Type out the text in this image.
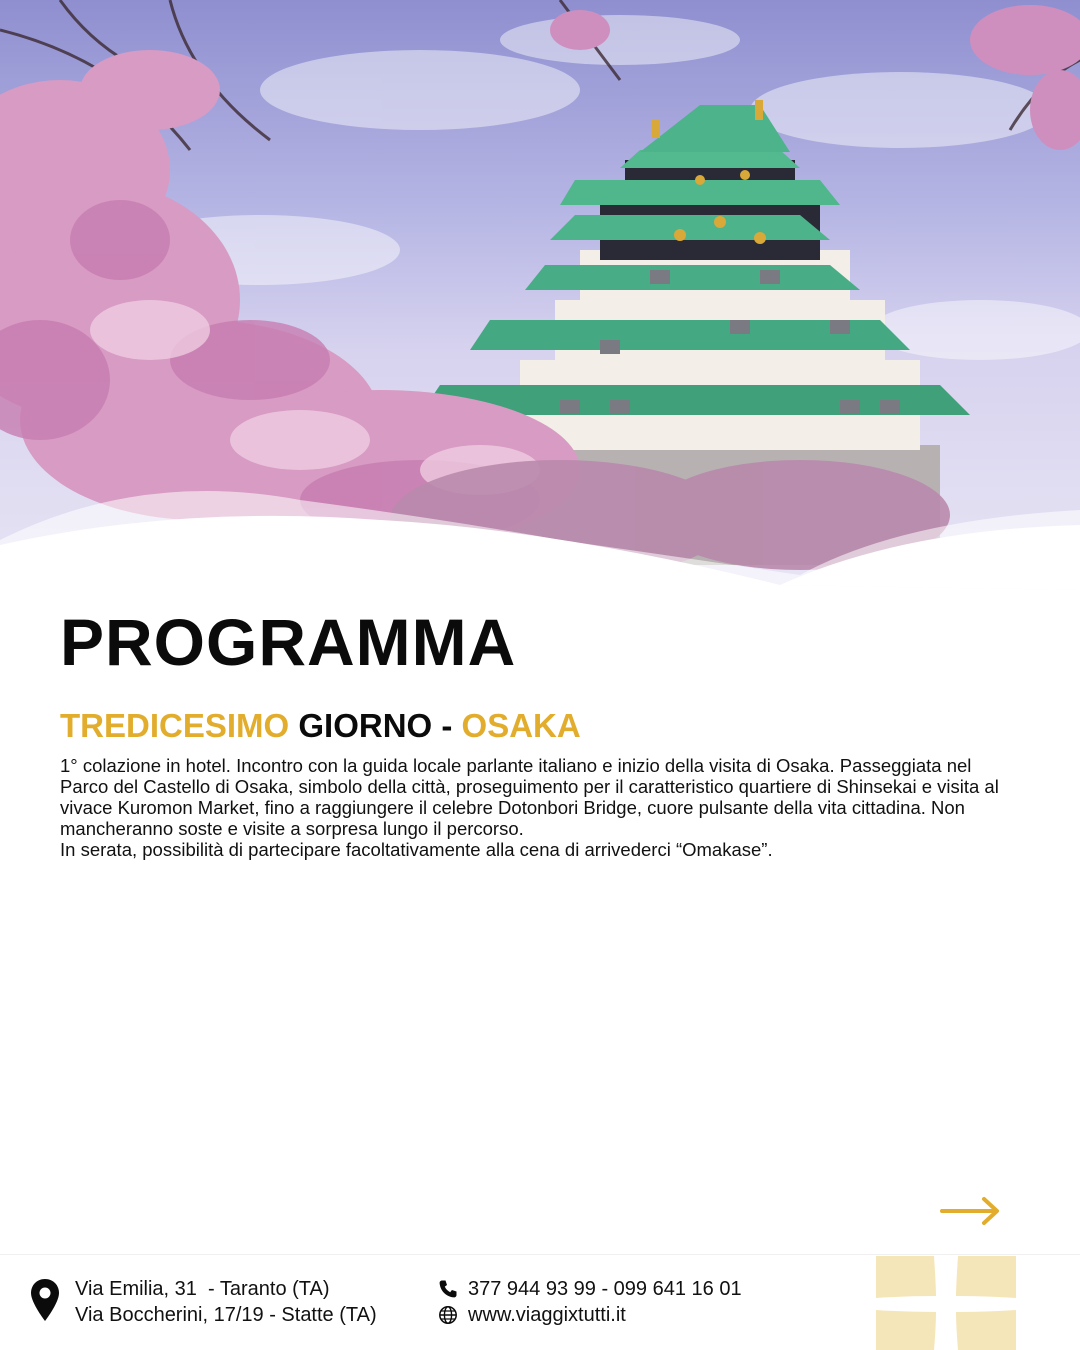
PROGRAMMA
TREDICESIMO GIORNO - OSAKA

1° colazione in hotel. Incontro con la guida locale parlante italiano e inizio della visita di Osaka. Passeggiata nel Parco del Castello di Osaka, simbolo della città, proseguimento per il caratteristico quartiere di Shinsekai e visita al vivace Kuromon Market, fino a raggiungere il celebre Dotonbori Bridge, cuore pulsante della vita cittadina. Non mancheranno soste e visite a sorpresa lungo il percorso.

In serata, possibilità di partecipare facoltativamente alla cena di arrivederci “Omakase”.

Via Emilia, 31  - Taranto (TA)
Via Boccherini, 17/19 - Statte (TA)
377 944 93 99 - 099 641 16 01
www.viaggixtutti.it
